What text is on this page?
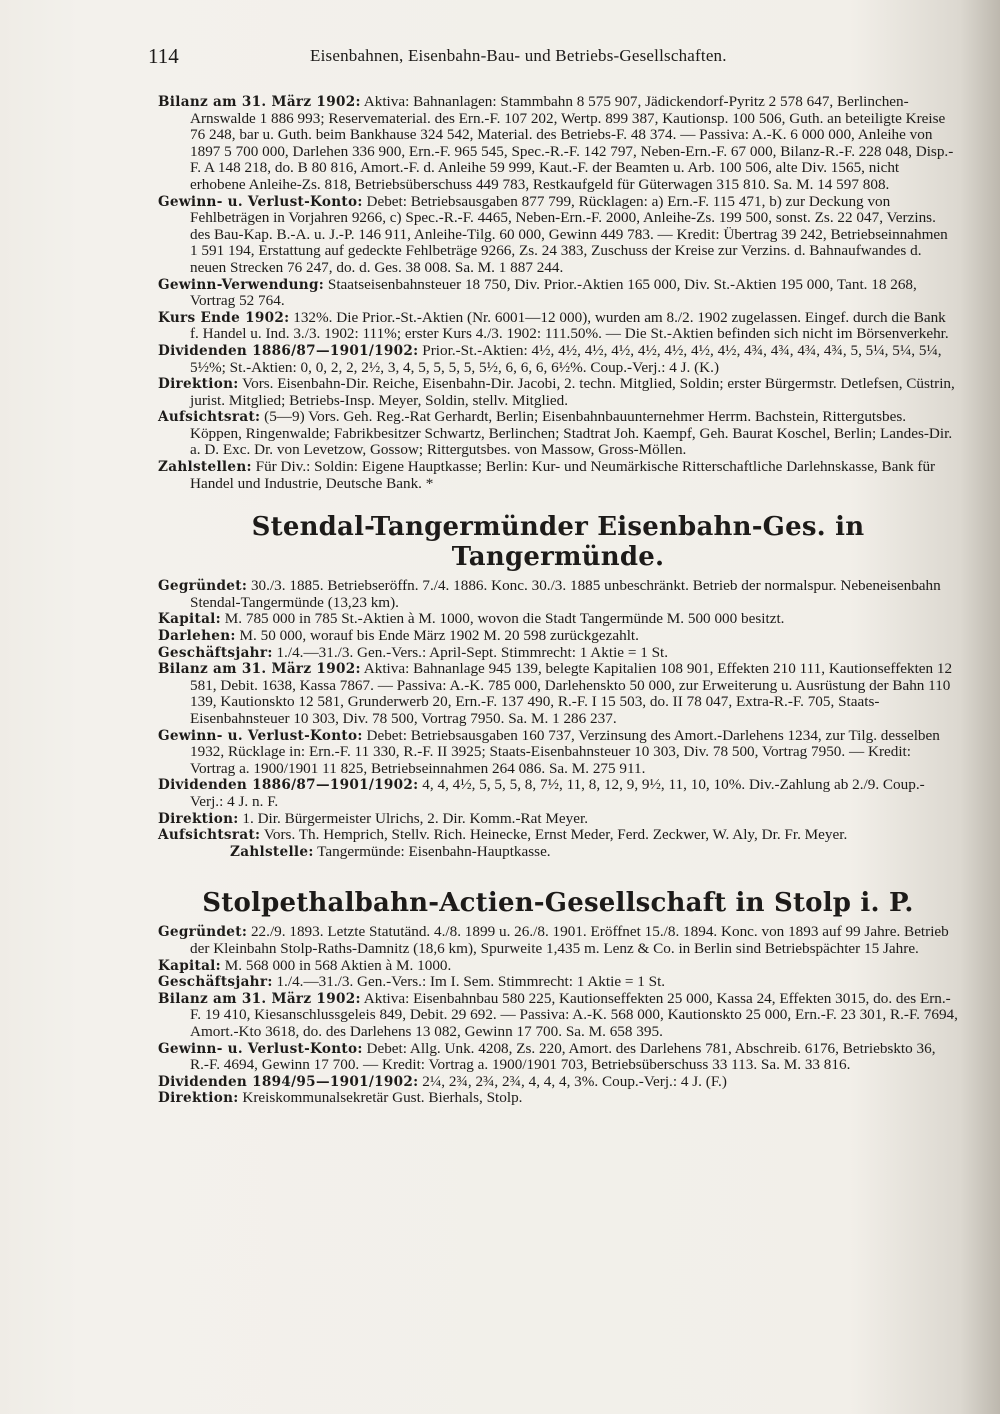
114	Eisenbahnen, Eisenbahn-Bau- und Betriebs-Gesellschaften.
Bilanz am 31. März 1902: Aktiva: Bahnanlagen: Stammbahn 8 575 907, Jädickendorf-Pyritz 2 578 647, Berlinchen-Arnswalde 1 886 993; Reservematerial. des Ern.-F. 107 202, Wertp. 899 387, Kautionsp. 100 506, Guth. an beteiligte Kreise 76 248, bar u. Guth. beim Bankhause 324 542, Material. des Betriebs-F. 48 374. — Passiva: A.-K. 6 000 000, Anleihe von 1897 5 700 000, Darlehen 336 900, Ern.-F. 965 545, Spec.-R.-F. 142 797, Neben-Ern.-F. 67 000, Bilanz-R.-F. 228 048, Disp.-F. A 148 218, do. B 80 816, Amort.-F. d. Anleihe 59 999, Kaut.-F. der Beamten u. Arb. 100 506, alte Div. 1565, nicht erhobene Anleihe-Zs. 818, Betriebsüberschuss 449 783, Restkaufgeld für Güterwagen 315 810. Sa. M. 14 597 808.
Gewinn- u. Verlust-Konto: Debet: Betriebsausgaben 877 799, Rücklagen: a) Ern.-F. 115 471, b) zur Deckung von Fehlbeträgen in Vorjahren 9266, c) Spec.-R.-F. 4465, Neben-Ern.-F. 2000, Anleihe-Zs. 199 500, sonst. Zs. 22 047, Verzins. des Bau-Kap. B.-A. u. J.-P. 146 911, Anleihe-Tilg. 60 000, Gewinn 449 783. — Kredit: Übertrag 39 242, Betriebseinnahmen 1 591 194, Erstattung auf gedeckte Fehlbeträge 9266, Zs. 24 383, Zuschuss der Kreise zur Verzins. d. Bahnaufwandes d. neuen Strecken 76 247, do. d. Ges. 38 008. Sa. M. 1 887 244.
Gewinn-Verwendung: Staatseisenbahnsteuer 18 750, Div. Prior.-Aktien 165 000, Div. St.-Aktien 195 000, Tant. 18 268, Vortrag 52 764.
Kurs Ende 1902: 132%. Die Prior.-St.-Aktien (Nr. 6001—12 000), wurden am 8./2. 1902 zugelassen. Eingef. durch die Bank f. Handel u. Ind. 3./3. 1902: 111%; erster Kurs 4./3. 1902: 111.50%. — Die St.-Aktien befinden sich nicht im Börsenverkehr.
Dividenden 1886/87—1901/1902: Prior.-St.-Aktien: 4½, 4½, 4½, 4½, 4½, 4½, 4½, 4½, 4¾, 4¾, 4¾, 4¾, 5, 5¼, 5¼, 5¼, 5½%; St.-Aktien: 0, 0, 2, 2, 2½, 3, 4, 5, 5, 5, 5, 5½, 6, 6, 6, 6½%. Coup.-Verj.: 4 J. (K.)
Direktion: Vors. Eisenbahn-Dir. Reiche, Eisenbahn-Dir. Jacobi, 2. techn. Mitglied, Soldin; erster Bürgermstr. Detlefsen, Cüstrin, jurist. Mitglied; Betriebs-Insp. Meyer, Soldin, stellv. Mitglied.
Aufsichtsrat: (5—9) Vors. Geh. Reg.-Rat Gerhardt, Berlin; Eisenbahnbauunternehmer Herrm. Bachstein, Rittergutsbes. Köppen, Ringenwalde; Fabrikbesitzer Schwartz, Berlinchen; Stadtrat Joh. Kaempf, Geh. Baurat Koschel, Berlin; Landes-Dir. a. D. Exc. Dr. von Levetzow, Gossow; Rittergutsbes. von Massow, Gross-Möllen.
Zahlstellen: Für Div.: Soldin: Eigene Hauptkasse; Berlin: Kur- und Neumärkische Ritterschaftliche Darlehnskasse, Bank für Handel und Industrie, Deutsche Bank. *
Stendal-Tangermünder Eisenbahn-Ges. in Tangermünde.
Gegründet: 30./3. 1885. Betriebseröffn. 7./4. 1886. Konc. 30./3. 1885 unbeschränkt. Betrieb der normalspur. Nebeneisenbahn Stendal-Tangermünde (13,23 km).
Kapital: M. 785 000 in 785 St.-Aktien à M. 1000, wovon die Stadt Tangermünde M. 500 000 besitzt.
Darlehen: M. 50 000, worauf bis Ende März 1902 M. 20 598 zurückgezahlt.
Geschäftsjahr: 1./4.—31./3. Gen.-Vers.: April-Sept. Stimmrecht: 1 Aktie = 1 St.
Bilanz am 31. März 1902: Aktiva: Bahnanlage 945 139, belegte Kapitalien 108 901, Effekten 210 111, Kautionseffekten 12 581, Debit. 1638, Kassa 7867. — Passiva: A.-K. 785 000, Darlehenskto 50 000, zur Erweiterung u. Ausrüstung der Bahn 110 139, Kautionskto 12 581, Grunderwerb 20, Ern.-F. 137 490, R.-F. I 15 503, do. II 78 047, Extra-R.-F. 705, Staats-Eisenbahnsteuer 10 303, Div. 78 500, Vortrag 7950. Sa. M. 1 286 237.
Gewinn- u. Verlust-Konto: Debet: Betriebsausgaben 160 737, Verzinsung des Amort.-Darlehens 1234, zur Tilg. desselben 1932, Rücklage in: Ern.-F. 11 330, R.-F. II 3925; Staats-Eisenbahnsteuer 10 303, Div. 78 500, Vortrag 7950. — Kredit: Vortrag a. 1900/1901 11 825, Betriebseinnahmen 264 086. Sa. M. 275 911.
Dividenden 1886/87—1901/1902: 4, 4, 4½, 5, 5, 5, 8, 7½, 11, 8, 12, 9, 9½, 11, 10, 10%. Div.-Zahlung ab 2./9. Coup.-Verj.: 4 J. n. F.
Direktion: 1. Dir. Bürgermeister Ulrichs, 2. Dir. Komm.-Rat Meyer.
Aufsichtsrat: Vors. Th. Hemprich, Stellv. Rich. Heinecke, Ernst Meder, Ferd. Zeckwer, W. Aly, Dr. Fr. Meyer.
Zahlstelle: Tangermünde: Eisenbahn-Hauptkasse.
Stolpethalbahn-Actien-Gesellschaft in Stolp i. P.
Gegründet: 22./9. 1893. Letzte Statutänd. 4./8. 1899 u. 26./8. 1901. Eröffnet 15./8. 1894. Konc. von 1893 auf 99 Jahre. Betrieb der Kleinbahn Stolp-Raths-Damnitz (18,6 km), Spurweite 1,435 m. Lenz & Co. in Berlin sind Betriebspächter 15 Jahre.
Kapital: M. 568 000 in 568 Aktien à M. 1000.
Geschäftsjahr: 1./4.—31./3. Gen.-Vers.: Im I. Sem. Stimmrecht: 1 Aktie = 1 St.
Bilanz am 31. März 1902: Aktiva: Eisenbahnbau 580 225, Kautionseffekten 25 000, Kassa 24, Effekten 3015, do. des Ern.-F. 19 410, Kiesanschlussgeleis 849, Debit. 29 692. — Passiva: A.-K. 568 000, Kautionskto 25 000, Ern.-F. 23 301, R.-F. 7694, Amort.-Kto 3618, do. des Darlehens 13 082, Gewinn 17 700. Sa. M. 658 395.
Gewinn- u. Verlust-Konto: Debet: Allg. Unk. 4208, Zs. 220, Amort. des Darlehens 781, Abschreib. 6176, Betriebskto 36, R.-F. 4694, Gewinn 17 700. — Kredit: Vortrag a. 1900/1901 703, Betriebsüberschuss 33 113. Sa. M. 33 816.
Dividenden 1894/95—1901/1902: 2¼, 2¾, 2¾, 2¾, 4, 4, 4, 3%. Coup.-Verj.: 4 J. (F.)
Direktion: Kreiskommunalsekretär Gust. Bierhals, Stolp.
